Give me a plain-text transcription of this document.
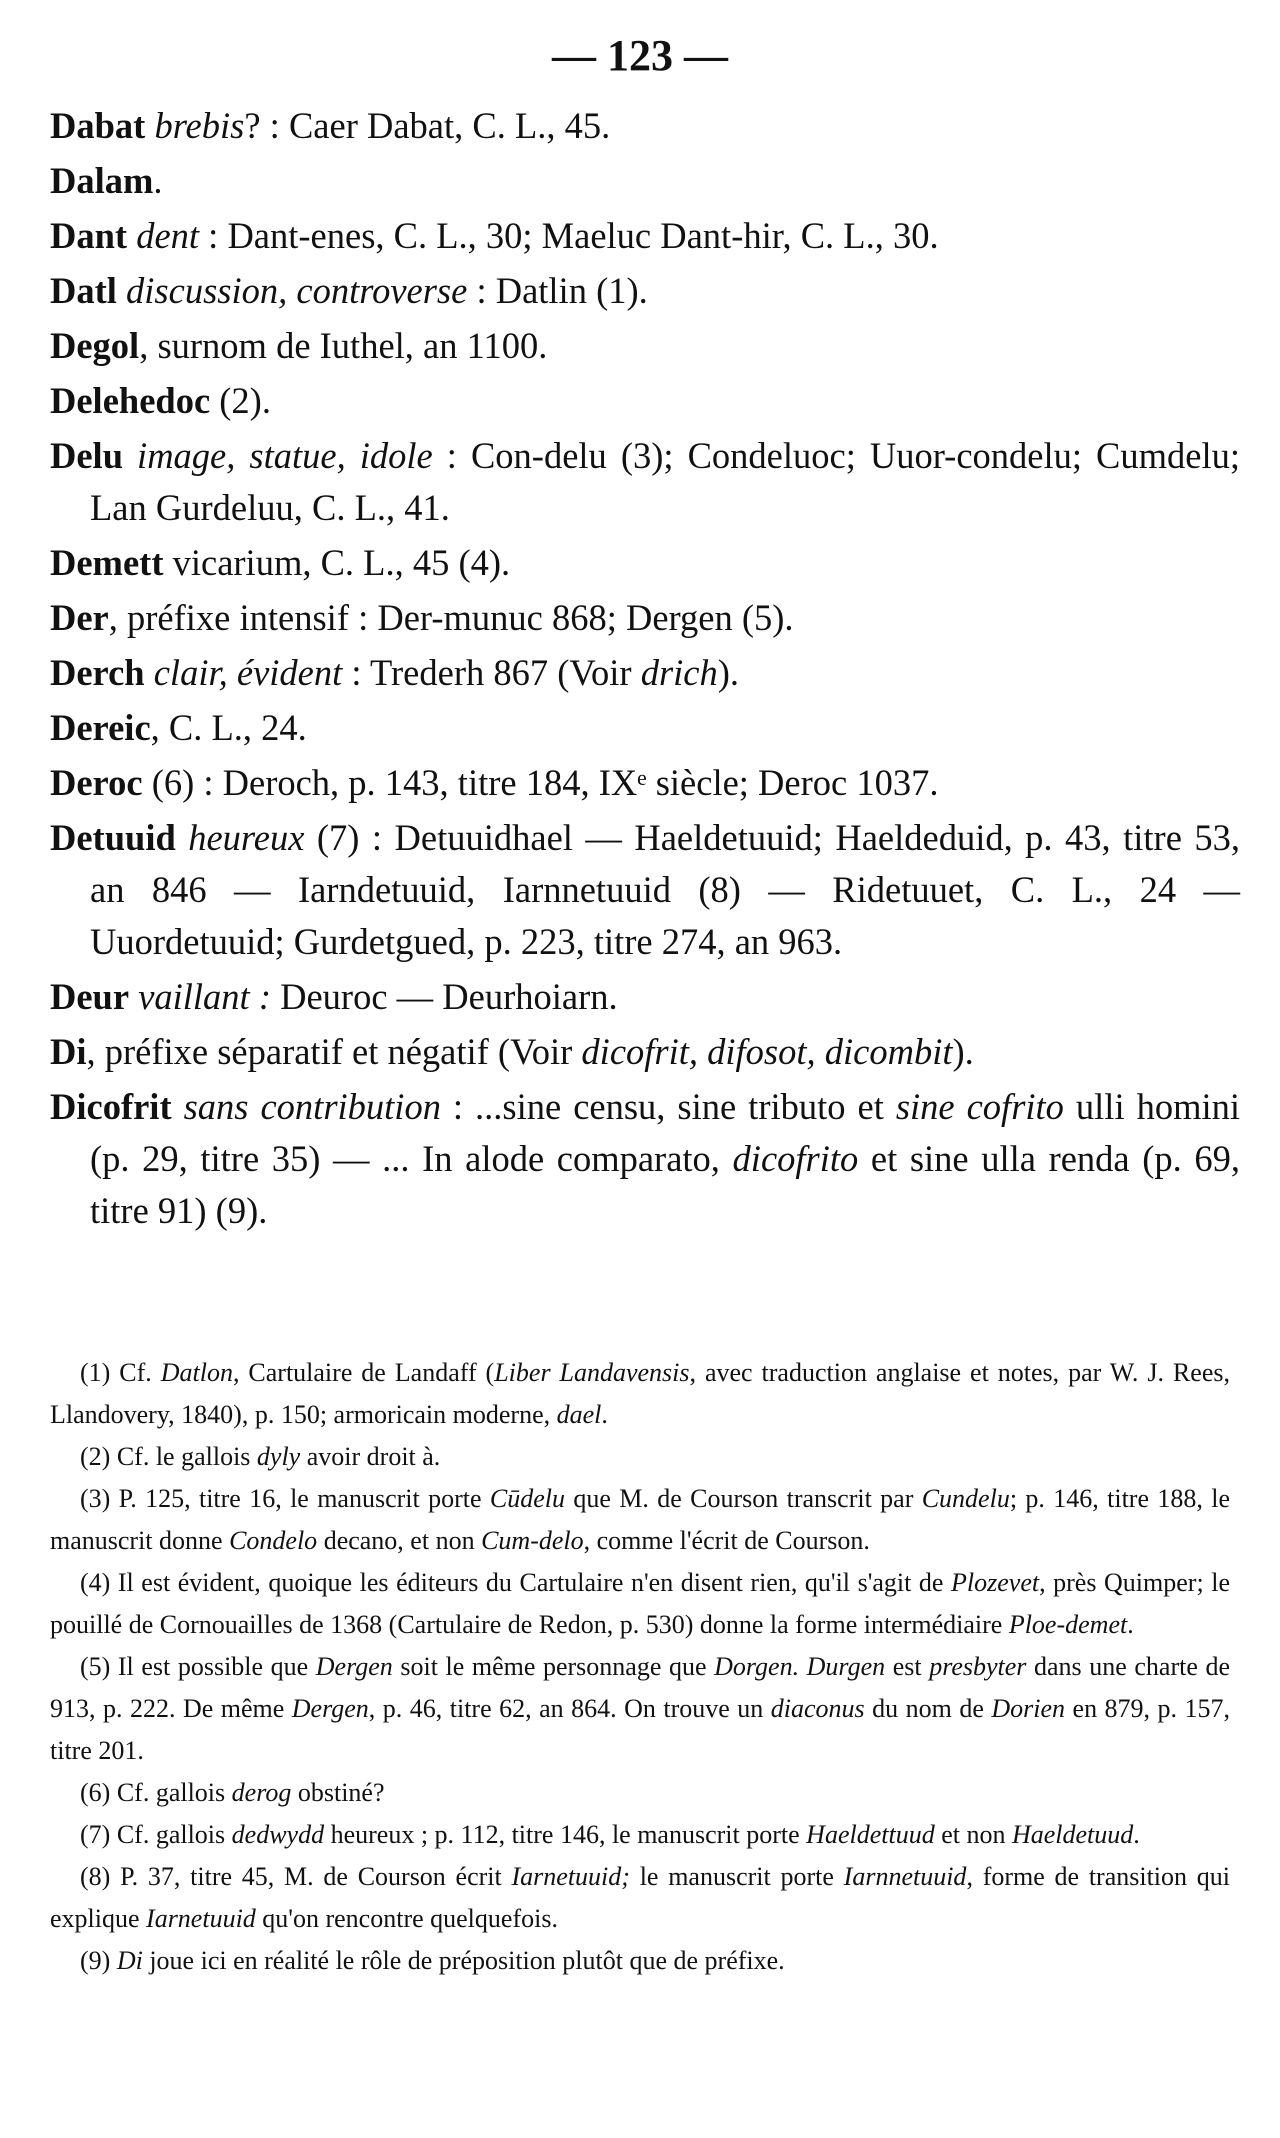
— 123 —

Dabat brebis? : Caer Dabat, C. L., 45.

Dalam.

Dant dent : Dant-enes, C. L., 30; Maeluc Dant-hir, C. L., 30.

Datl discussion, controverse : Datlin (1).

Degol, surnom de Iuthel, an 1100.

Delehedoc (2).

Delu image, statue, idole : Con-delu (3); Condeluoc; Uuor-condelu; Cumdelu; Lan Gurdeluu, C. L., 41.

Demett vicarium, C. L., 45 (4).

Der, préfixe intensif : Der-munuc 868; Dergen (5).

Derch clair, évident : Trederh 867 (Voir drich).

Dereic, C. L., 24.

Deroc (6) : Deroch, p. 143, titre 184, IXᵉ siècle; Deroc 1037.

Detuuid heureux (7) : Detuuidhael — Haeldetuuid; Haeldeduid, p. 43, titre 53, an 846 — Iarndetuuid, Iarnnetuuid (8) — Ridetuuet, C. L., 24 — Uuordetuuid; Gurdetgued, p. 223, titre 274, an 963.

Deur vaillant : Deuroc — Deurhoiarn.

Di, préfixe séparatif et négatif (Voir dicofrit, difosot, dicombit).

Dicofrit sans contribution : ...sine censu, sine tributo et sine cofrito ulli homini (p. 29, titre 35) — ... In alode comparato, dicofrito et sine ulla renda (p. 69, titre 91) (9).

(1) Cf. Datlon, Cartulaire de Landaff (Liber Landavensis, avec traduction anglaise et notes, par W. J. Rees, Llandovery, 1840), p. 150; armoricain moderne, dael.

(2) Cf. le gallois dyly avoir droit à.

(3) P. 125, titre 16, le manuscrit porte Cūdelu que M. de Courson transcrit par Cundelu; p. 146, titre 188, le manuscrit donne Condelo decano, et non Cum-delo, comme l'écrit de Courson.

(4) Il est évident, quoique les éditeurs du Cartulaire n'en disent rien, qu'il s'agit de Plozevet, près Quimper; le pouillé de Cornouailles de 1368 (Cartulaire de Redon, p. 530) donne la forme intermédiaire Ploe-demet.

(5) Il est possible que Dergen soit le même personnage que Dorgen. Durgen est presbyter dans une charte de 913, p. 222. De même Dergen, p. 46, titre 62, an 864. On trouve un diaconus du nom de Dorien en 879, p. 157, titre 201.

(6) Cf. gallois derog obstiné?

(7) Cf. gallois dedwydd heureux ; p. 112, titre 146, le manuscrit porte Haeldettuud et non Haeldetuud.

(8) P. 37, titre 45, M. de Courson écrit Iarnetuuid; le manuscrit porte Iarnnetuuid, forme de transition qui explique Iarnetuuid qu'on rencontre quelquefois.

(9) Di joue ici en réalité le rôle de préposition plutôt que de préfixe.
